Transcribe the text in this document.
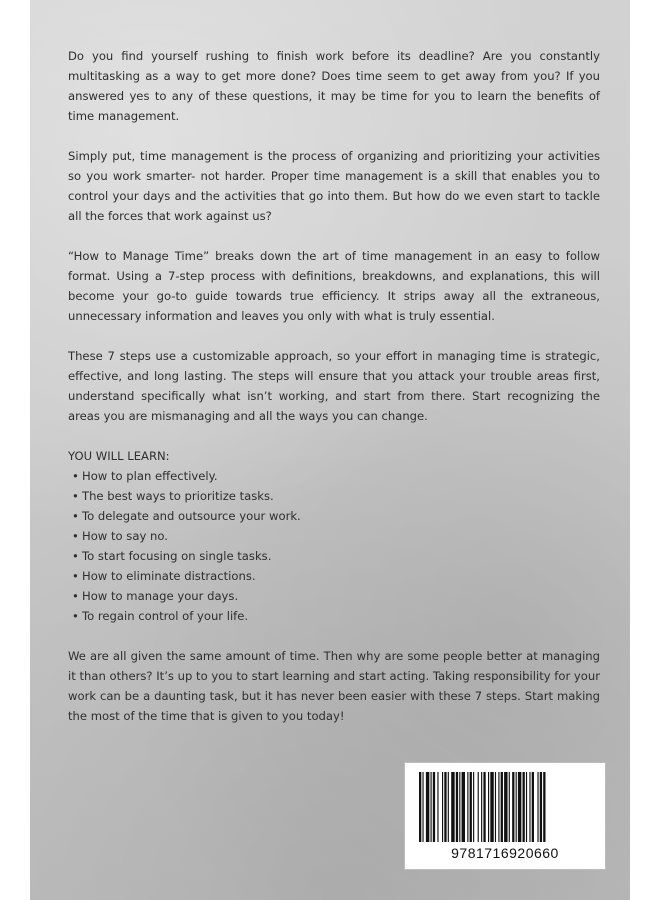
Do you find yourself rushing to finish work before its deadline? Are you constantly multitasking as a way to get more done? Does time seem to get away from you? If you answered yes to any of these questions, it may be time for you to learn the benefits of time management.

Simply put, time management is the process of organizing and prioritizing your activities so you work smarter- not harder. Proper time management is a skill that enables you to control your days and the activities that go into them. But how do we even start to tackle all the forces that work against us?

“How to Manage Time” breaks down the art of time management in an easy to follow format. Using a 7-step process with definitions, breakdowns, and explanations, this will become your go-to guide towards true efficiency. It strips away all the extraneous, unnecessary information and leaves you only with what is truly essential.

These 7 steps use a customizable approach, so your effort in managing time is strategic, effective, and long lasting. The steps will ensure that you attack your trouble areas first, understand specifically what isn’t working, and start from there. Start recognizing the areas you are mismanaging and all the ways you can change.

YOU WILL LEARN:

• How to plan effectively.
• The best ways to prioritize tasks.
• To delegate and outsource your work.
• How to say no.
• To start focusing on single tasks.
• How to eliminate distractions.
• How to manage your days.
• To regain control of your life.

We are all given the same amount of time. Then why are some people better at managing it than others? It’s up to you to start learning and start acting. Taking responsibility for your work can be a daunting task, but it has never been easier with these 7 steps. Start making the most of the time that is given to you today!

9781716920660
